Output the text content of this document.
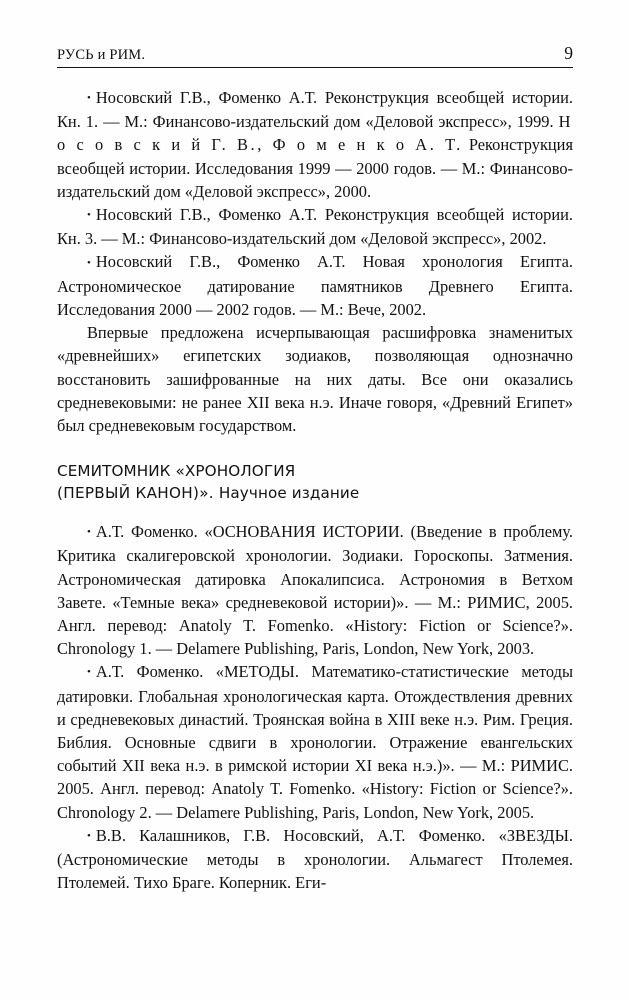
РУСЬ и РИМ.	9

• Носовский Г.В., Фоменко А.Т. Реконструкция всеобщей истории. Кн. 1. — М.: Финансово-издательский дом «Деловой экспресс», 1999. Н о с о в с к и й Г. В., Ф о м е н к о А. Т. Реконструкция всеобщей истории. Исследования 1999 — 2000 годов. — М.: Финансово-издательский дом «Деловой экспресс», 2000.

• Носовский Г.В., Фоменко А.Т. Реконструкция всеобщей истории. Кн. 3. — М.: Финансово-издательский дом «Деловой экспресс», 2002.

• Носовский Г.В., Фоменко А.Т. Новая хронология Египта. Астрономическое датирование памятников Древнего Египта. Исследования 2000 — 2002 годов. — М.: Вече, 2002.

Впервые предложена исчерпывающая расшифровка знаменитых «древнейших» египетских зодиаков, позволяющая однозначно восстановить зашифрованные на них даты. Все они оказались средневековыми: не ранее XII века н.э. Иначе говоря, «Древний Египет» был средневековым государством.

СЕМИТОМНИК «ХРОНОЛОГИЯ
(ПЕРВЫЙ КАНОН)». Научное издание

• А.Т. Фоменко. «ОСНОВАНИЯ ИСТОРИИ. (Введение в проблему. Критика скалигеровской хронологии. Зодиаки. Гороскопы. Затмения. Астрономическая датировка Апокалипсиса. Астрономия в Ветхом Завете. «Темные века» средневековой истории)». — М.: РИМИС, 2005. Англ. перевод: Anatoly T. Fomenko. «History: Fiction or Science?». Chronology 1. — Delamere Publishing, Paris, London, New York, 2003.

• А.Т. Фоменко. «МЕТОДЫ. Математико-статистические методы датировки. Глобальная хронологическая карта. Отождествления древних и средневековых династий. Троянская война в XIII веке н.э. Рим. Греция. Библия. Основные сдвиги в хронологии. Отражение евангельских событий XII века н.э. в римской истории XI века н.э.)». — М.: РИМИС. 2005. Англ. перевод: Anatoly T. Fomenko. «History: Fiction or Science?». Chronology 2. — Delamere Publishing, Paris, London, New York, 2005.

• В.В. Калашников, Г.В. Носовский, А.Т. Фоменко. «ЗВЕЗДЫ. (Астрономические методы в хронологии. Альмагест Птолемея. Птолемей. Тихо Браге. Коперник. Еги-
